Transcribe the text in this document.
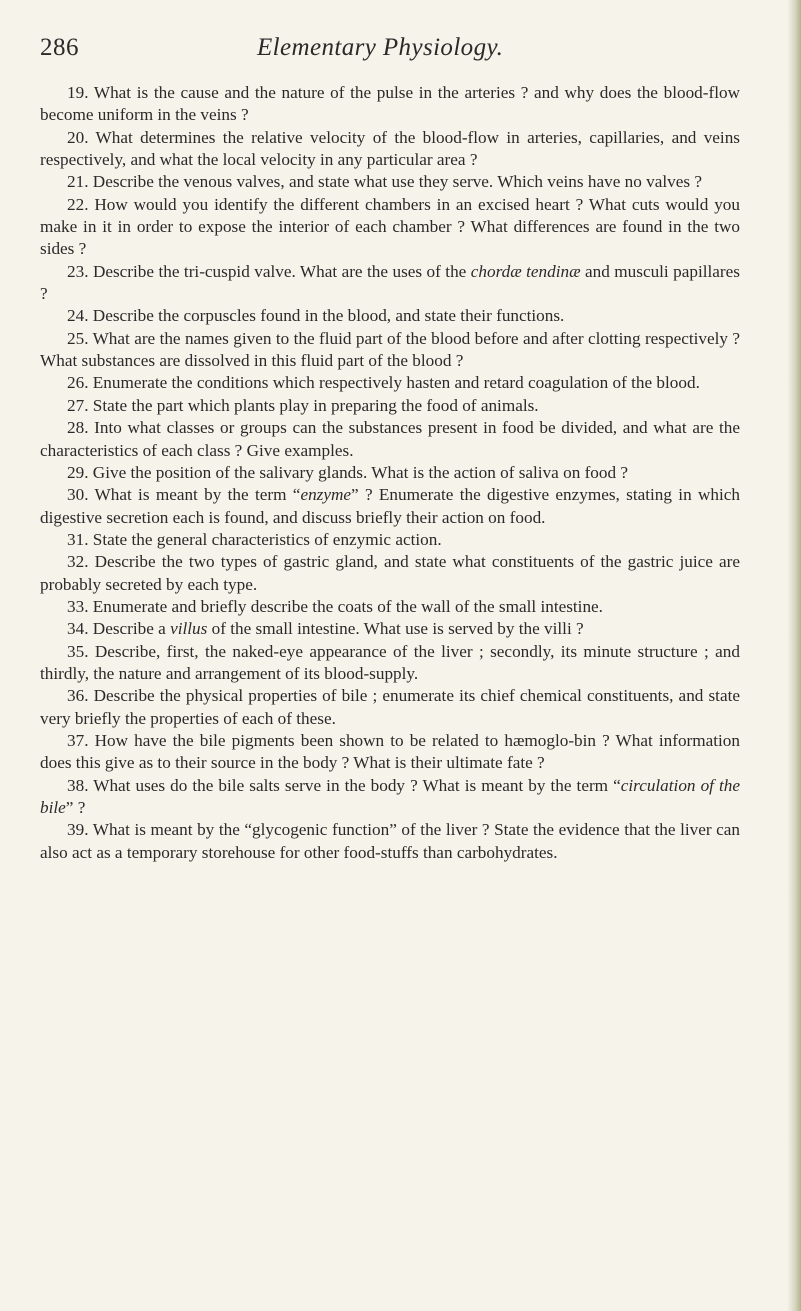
286	Elementary Physiology.

19. What is the cause and the nature of the pulse in the arteries ? and why does the blood-flow become uniform in the veins ?

20. What determines the relative velocity of the blood-flow in arteries, capillaries, and veins respectively, and what the local velocity in any particular area ?

21. Describe the venous valves, and state what use they serve. Which veins have no valves ?

22. How would you identify the different chambers in an excised heart ? What cuts would you make in it in order to expose the interior of each chamber ? What differences are found in the two sides ?

23. Describe the tri-cuspid valve. What are the uses of the chordæ tendinæ and musculi papillares ?

24. Describe the corpuscles found in the blood, and state their functions.

25. What are the names given to the fluid part of the blood before and after clotting respectively ? What substances are dissolved in this fluid part of the blood ?

26. Enumerate the conditions which respectively hasten and retard coagulation of the blood.

27. State the part which plants play in preparing the food of animals.

28. Into what classes or groups can the substances present in food be divided, and what are the characteristics of each class ? Give examples.

29. Give the position of the salivary glands. What is the action of saliva on food ?

30. What is meant by the term “enzyme” ? Enumerate the digestive enzymes, stating in which digestive secretion each is found, and discuss briefly their action on food.

31. State the general characteristics of enzymic action.

32. Describe the two types of gastric gland, and state what constituents of the gastric juice are probably secreted by each type.

33. Enumerate and briefly describe the coats of the wall of the small intestine.

34. Describe a villus of the small intestine. What use is served by the villi ?

35. Describe, first, the naked-eye appearance of the liver ; secondly, its minute structure ; and thirdly, the nature and arrangement of its blood-supply.

36. Describe the physical properties of bile ; enumerate its chief chemical constituents, and state very briefly the properties of each of these.

37. How have the bile pigments been shown to be related to hæmoglo-bin ? What information does this give as to their source in the body ? What is their ultimate fate ?

38. What uses do the bile salts serve in the body ? What is meant by the term “circulation of the bile” ?

39. What is meant by the “glycogenic function” of the liver ? State the evidence that the liver can also act as a temporary storehouse for other food-stuffs than carbohydrates.
